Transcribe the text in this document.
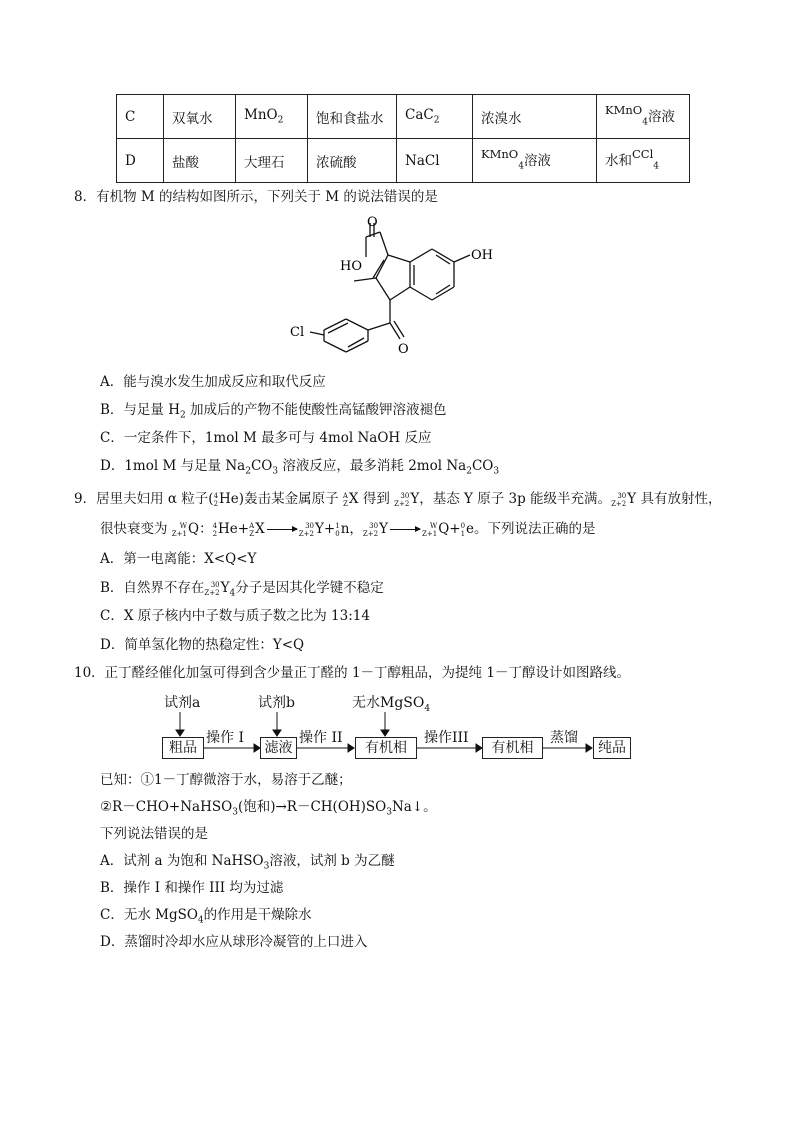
C	双氧水	MnO$_2$	饱和食盐水	CaC$_2$	浓溴水	KMnO$_4$溶液
D	盐酸	大理石	浓硫酸	NaCl	KMnO$_4$溶液	水和CCl$_4$
8．有机物 M 的结构如图所示，下列关于 M 的说法错误的是
O
HO
OH
Cl
O
A．能与溴水发生加成反应和取代反应
B．与足量 $H_2$ 加成后的产物不能使酸性高锰酸钾溶液褪色
C．一定条件下，1mol M 最多可与 4mol NaOH 反应
D．1mol M 与足量 $Na_2CO_3$ 溶液反应，最多消耗 2mol $Na_2CO_3$
9．居里夫妇用 α 粒子(4
2He)轰击某金属原子 A
ZX 得到 30
Z+2Y，基态 Y 原子 3p 能级半充满。 30
Z+2Y 具有放射性，
很快衰变为 W
Z+1Q：4
2He+A
ZX → 30
Z+2Y+1
0n， 30
Z+2Y → W
Z+1Q+0
1e。下列说法正确的是
A．第一电离能：X<Q<Y
B．自然界不存在 30
$Z+2Y_4$分子是因其化学键不稳定
C．X 原子核内中子数与质子数之比为 13:14
D．简单氢化物的热稳定性：Y<Q
10．正丁醛经催化加氢可得到含少量正丁醛的 1－丁醇粗品，为提纯 1－丁醇设计如图路线。
试剂a	试剂b	无水MgSO$_4$
操作 I	操作 II	操作III	蒸馏
粗品	滤液	有机相	有机相	纯品
已知：①1－丁醇微溶于水，易溶于乙醚；
②R－CHO+NaHSO$_3$(饱和)$\to R-CH(OH)SO_3Na↓$。
下列说法错误的是
A．试剂 a 为饱和 NaHSO$_3$溶液，试剂 b 为乙醚
B．操作 I 和操作 III 均为过滤
C．无水 MgSO$_4$的作用是干燥除水
D．蒸馏时冷却水应从球形冷凝管的上口进入
